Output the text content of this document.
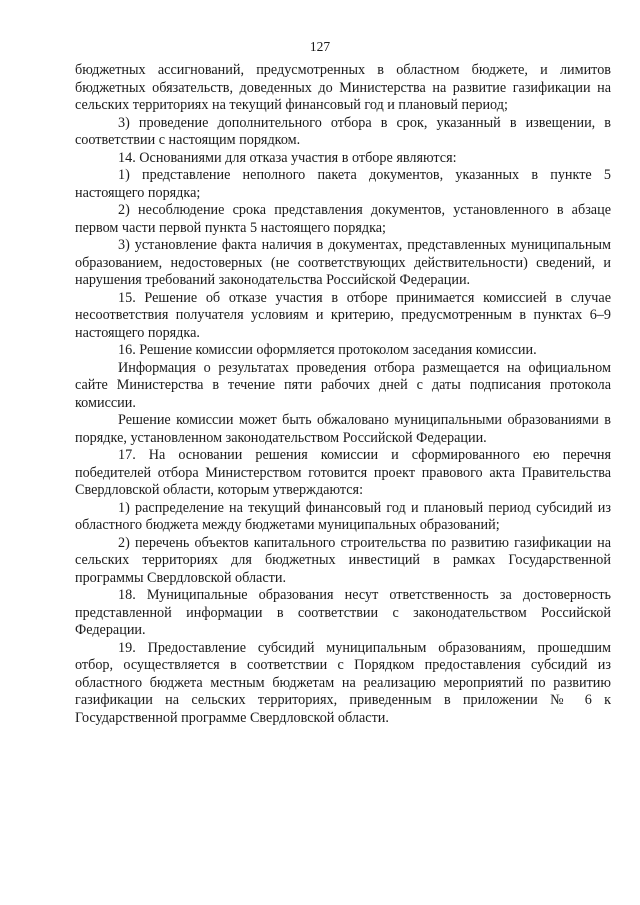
127

бюджетных ассигнований, предусмотренных в областном бюджете, и лимитов бюджетных обязательств, доведенных до Министерства на развитие газификации на сельских территориях на текущий финансовый год и плановый период;

3) проведение дополнительного отбора в срок, указанный в извещении, в соответствии с настоящим порядком.

14. Основаниями для отказа участия в отборе являются:

1) представление неполного пакета документов, указанных в пункте 5 настоящего порядка;

2) несоблюдение срока представления документов, установленного в абзаце первом части первой пункта 5 настоящего порядка;

3) установление факта наличия в документах, представленных муниципальным образованием, недостоверных (не соответствующих действительности) сведений, и нарушения требований законодательства Российской Федерации.

15. Решение об отказе участия в отборе принимается комиссией в случае несоответствия получателя условиям и критерию, предусмотренным в пунктах 6–9 настоящего порядка.

16. Решение комиссии оформляется протоколом заседания комиссии.

Информация о результатах проведения отбора размещается на официальном сайте Министерства в течение пяти рабочих дней с даты подписания протокола комиссии.

Решение комиссии может быть обжаловано муниципальными образованиями в порядке, установленном законодательством Российской Федерации.

17. На основании решения комиссии и сформированного ею перечня победителей отбора Министерством готовится проект правового акта Правительства Свердловской области, которым утверждаются:

1) распределение на текущий финансовый год и плановый период субсидий из областного бюджета между бюджетами муниципальных образований;

2) перечень объектов капитального строительства по развитию газификации на сельских территориях для бюджетных инвестиций в рамках Государственной программы Свердловской области.

18. Муниципальные образования несут ответственность за достоверность представленной информации в соответствии с законодательством Российской Федерации.

19. Предоставление субсидий муниципальным образованиям, прошедшим отбор, осуществляется в соответствии с Порядком предоставления субсидий из областного бюджета местным бюджетам на реализацию мероприятий по развитию газификации на сельских территориях, приведенным в приложении № 6 к Государственной программе Свердловской области.
